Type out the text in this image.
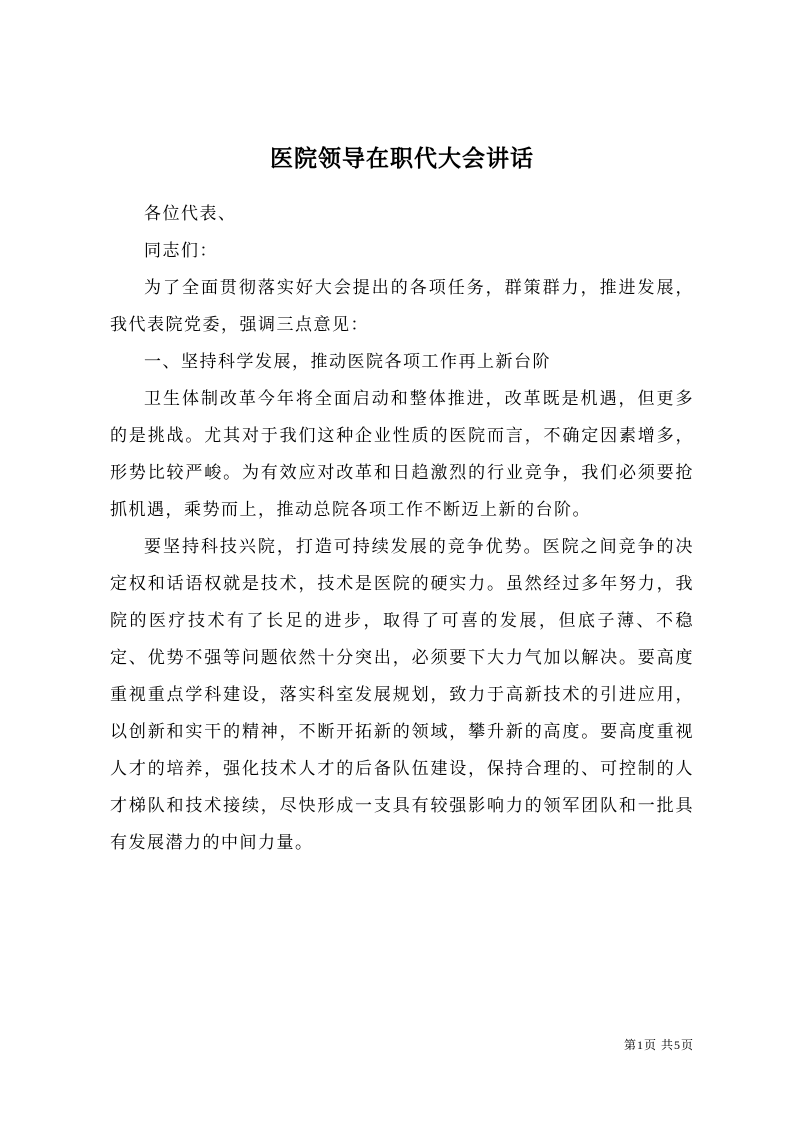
医院领导在职代大会讲话

各位代表、

同志们：

为了全面贯彻落实好大会提出的各项任务，群策群力，推进发展，我代表院党委，强调三点意见：

一、坚持科学发展，推动医院各项工作再上新台阶

卫生体制改革今年将全面启动和整体推进，改革既是机遇，但更多的是挑战。尤其对于我们这种企业性质的医院而言，不确定因素增多，形势比较严峻。为有效应对改革和日趋激烈的行业竞争，我们必须要抢抓机遇，乘势而上，推动总院各项工作不断迈上新的台阶。

要坚持科技兴院，打造可持续发展的竞争优势。医院之间竞争的决定权和话语权就是技术，技术是医院的硬实力。虽然经过多年努力，我院的医疗技术有了长足的进步，取得了可喜的发展，但底子薄、不稳定、优势不强等问题依然十分突出，必须要下大力气加以解决。要高度重视重点学科建设，落实科室发展规划，致力于高新技术的引进应用，以创新和实干的精神，不断开拓新的领域，攀升新的高度。要高度重视人才的培养，强化技术人才的后备队伍建设，保持合理的、可控制的人才梯队和技术接续，尽快形成一支具有较强影响力的领军团队和一批具有发展潜力的中间力量。

第1页 共5页
